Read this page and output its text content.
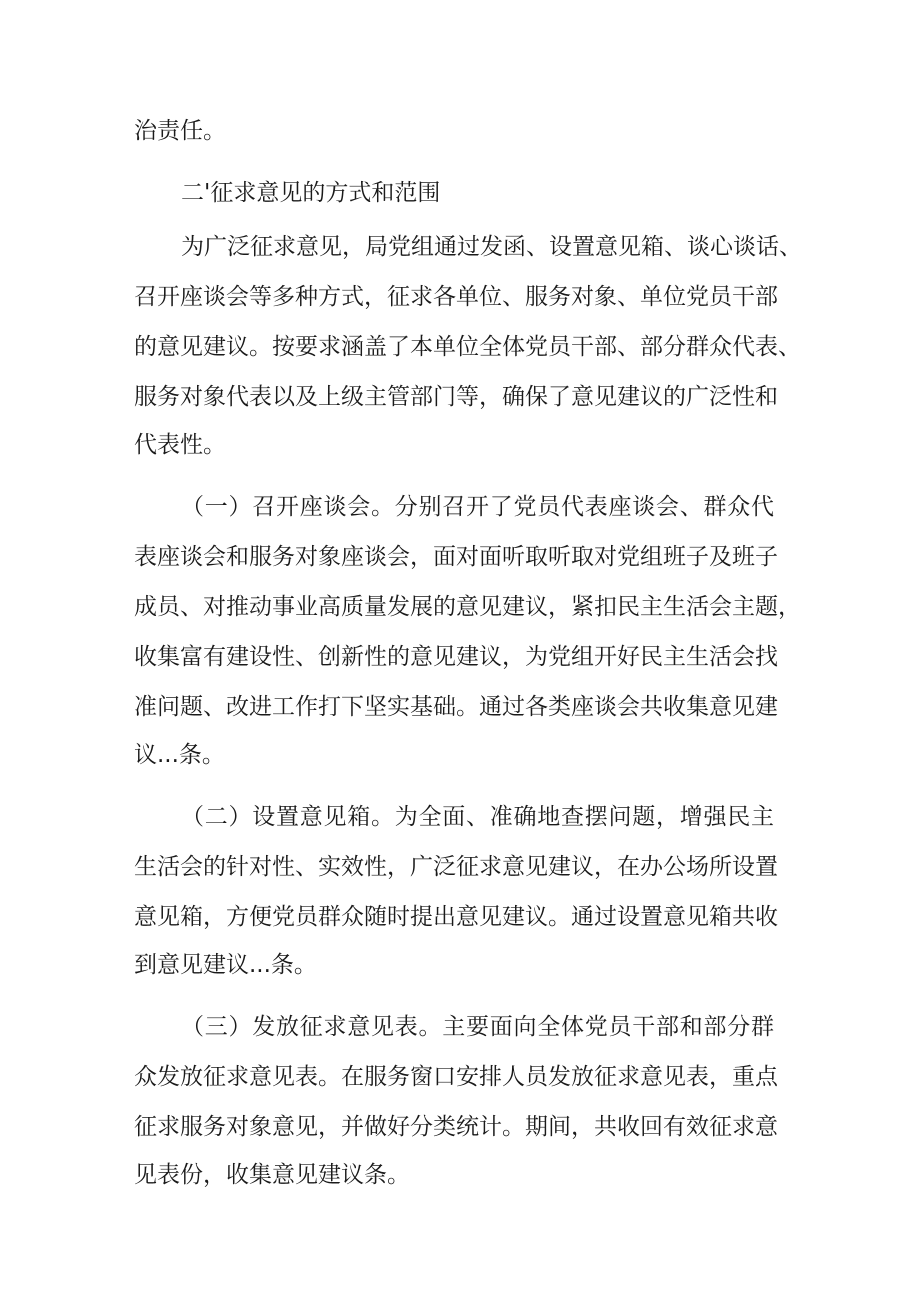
治责任。
二'征求意见的方式和范围
为广泛征求意见，局党组通过发函、设置意见箱、谈心谈话、
召开座谈会等多种方式，征求各单位、服务对象、单位党员干部
的意见建议。按要求涵盖了本单位全体党员干部、部分群众代表、
服务对象代表以及上级主管部门等，确保了意见建议的广泛性和
代表性。
（一）召开座谈会。分别召开了党员代表座谈会、群众代
表座谈会和服务对象座谈会，面对面听取听取对党组班子及班子
成员、对推动事业高质量发展的意见建议，紧扣民主生活会主题，
收集富有建设性、创新性的意见建议，为党组开好民主生活会找
准问题、改进工作打下坚实基础。通过各类座谈会共收集意见建
议...条。
（二）设置意见箱。为全面、准确地查摆问题，增强民主
生活会的针对性、实效性，广泛征求意见建议，在办公场所设置
意见箱，方便党员群众随时提出意见建议。通过设置意见箱共收
到意见建议...条。
（三）发放征求意见表。主要面向全体党员干部和部分群
众发放征求意见表。在服务窗口安排人员发放征求意见表，重点
征求服务对象意见，并做好分类统计。期间，共收回有效征求意
见表份，收集意见建议条。
